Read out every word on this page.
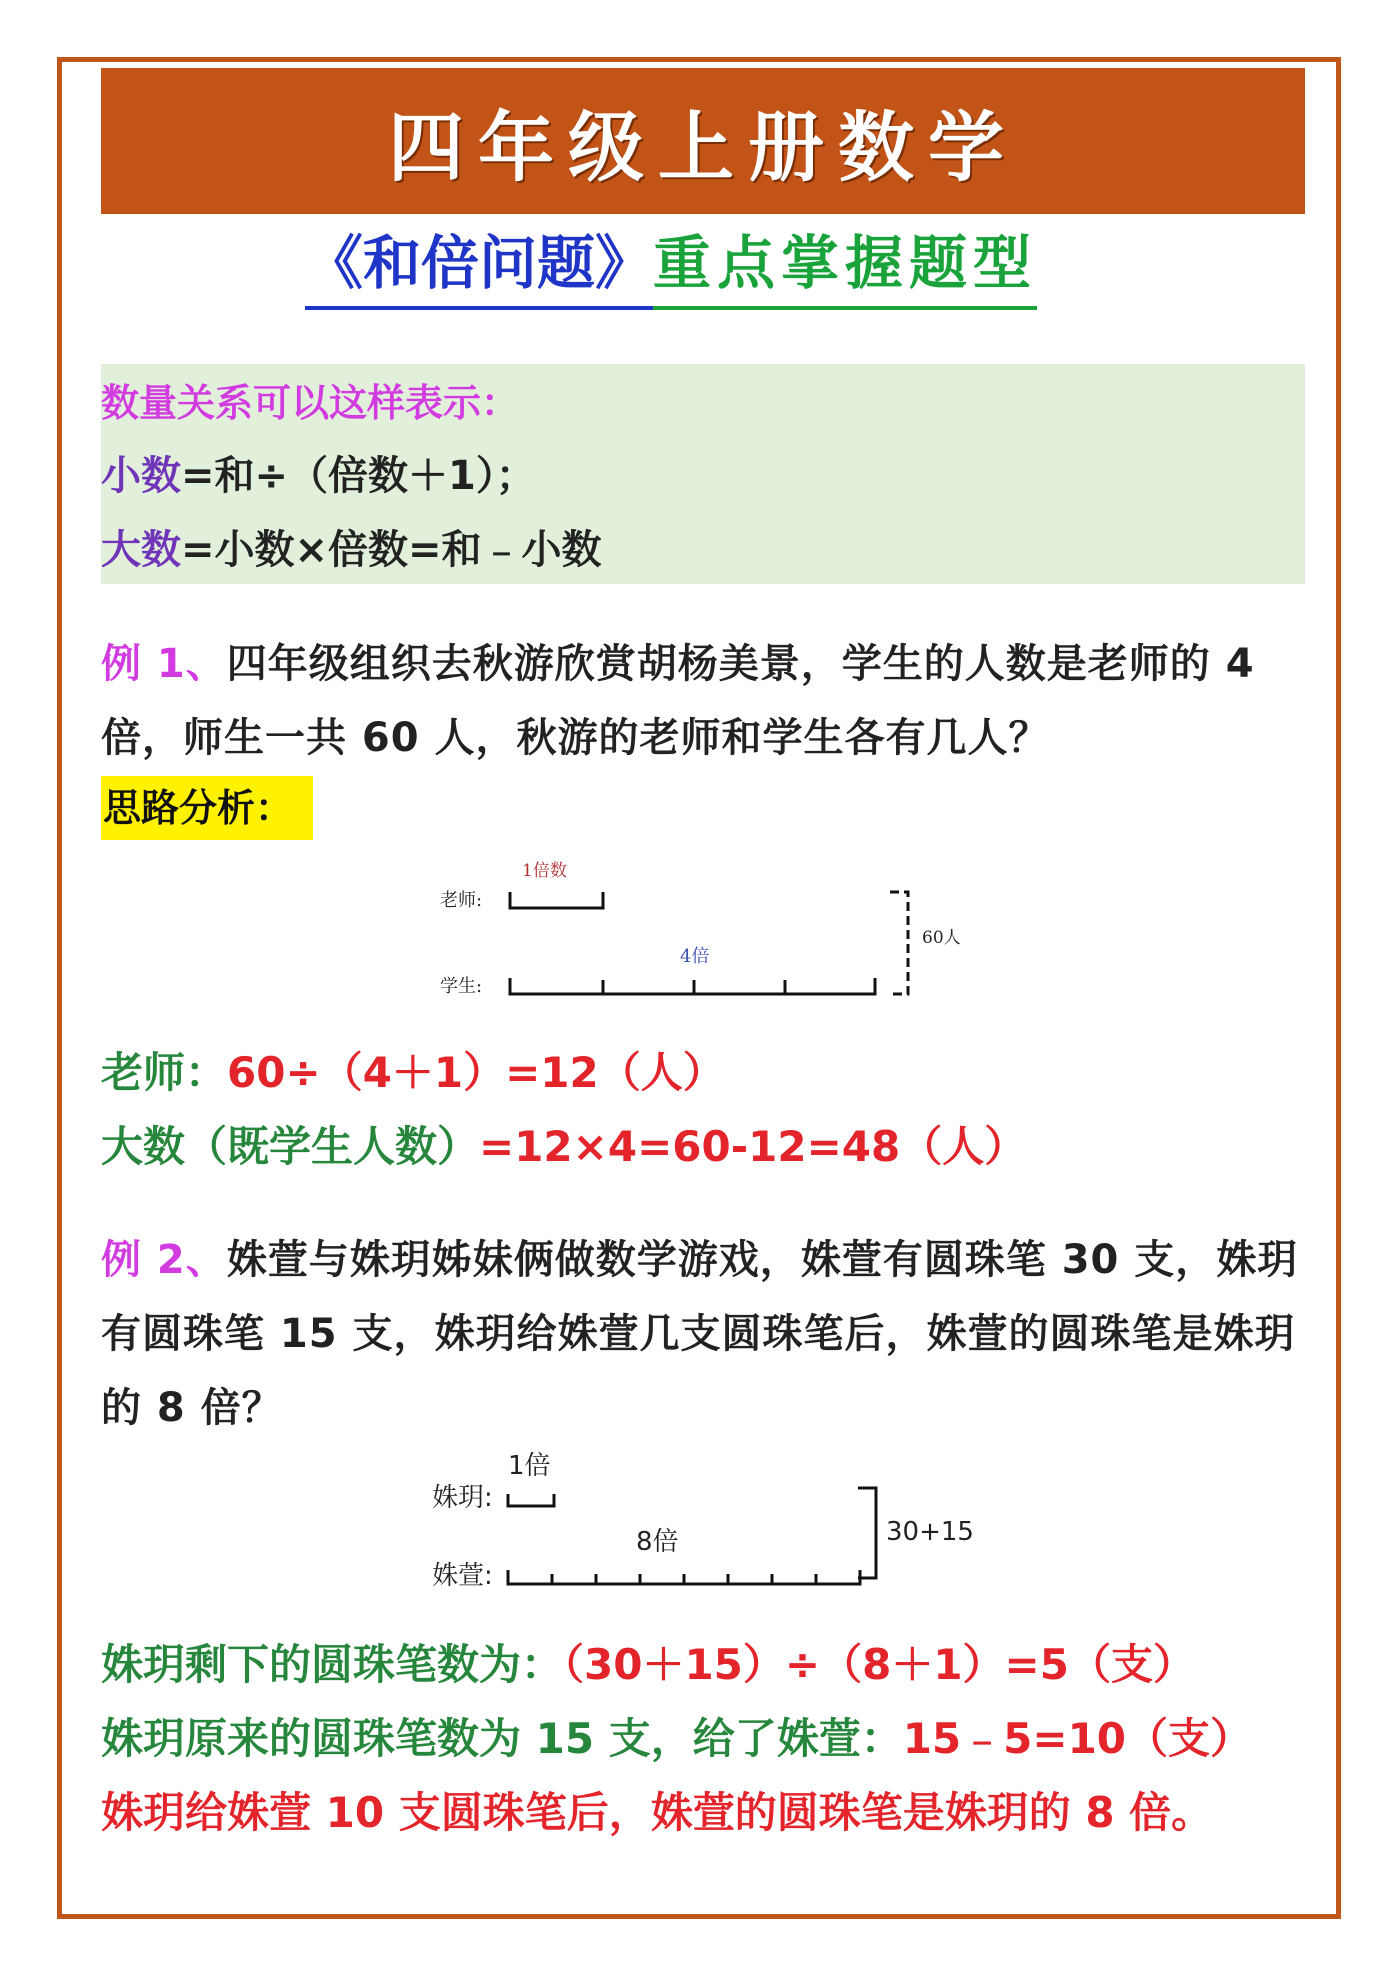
四年级上册数学
《和倍问题》 重点掌握题型
数量关系可以这样表示：
小数=和÷（倍数＋1）；
大数=小数×倍数=和﹣小数
例 1、四年级组织去秋游欣赏胡杨美景，学生的人数是老师的 4
倍，师生一共 60 人，秋游的老师和学生各有几人？
思路分析：
1倍数
老师:
4倍
学生:
60人
老师：60÷（4＋1）=12（人）
大数（既学生人数）=12×4=60-12=48（人）
例 2、姝萱与姝玥姊妹俩做数学游戏，姝萱有圆珠笔 30 支，姝玥
有圆珠笔 15 支，姝玥给姝萱几支圆珠笔后，姝萱的圆珠笔是姝玥
的 8 倍？
1倍
姝玥:
8倍
姝萱:
30+15
姝玥剩下的圆珠笔数为：（30＋15）÷（8＋1）=5（支）
姝玥原来的圆珠笔数为 15 支，给了姝萱：15﹣5=10（支）
姝玥给姝萱 10 支圆珠笔后，姝萱的圆珠笔是姝玥的 8 倍。
